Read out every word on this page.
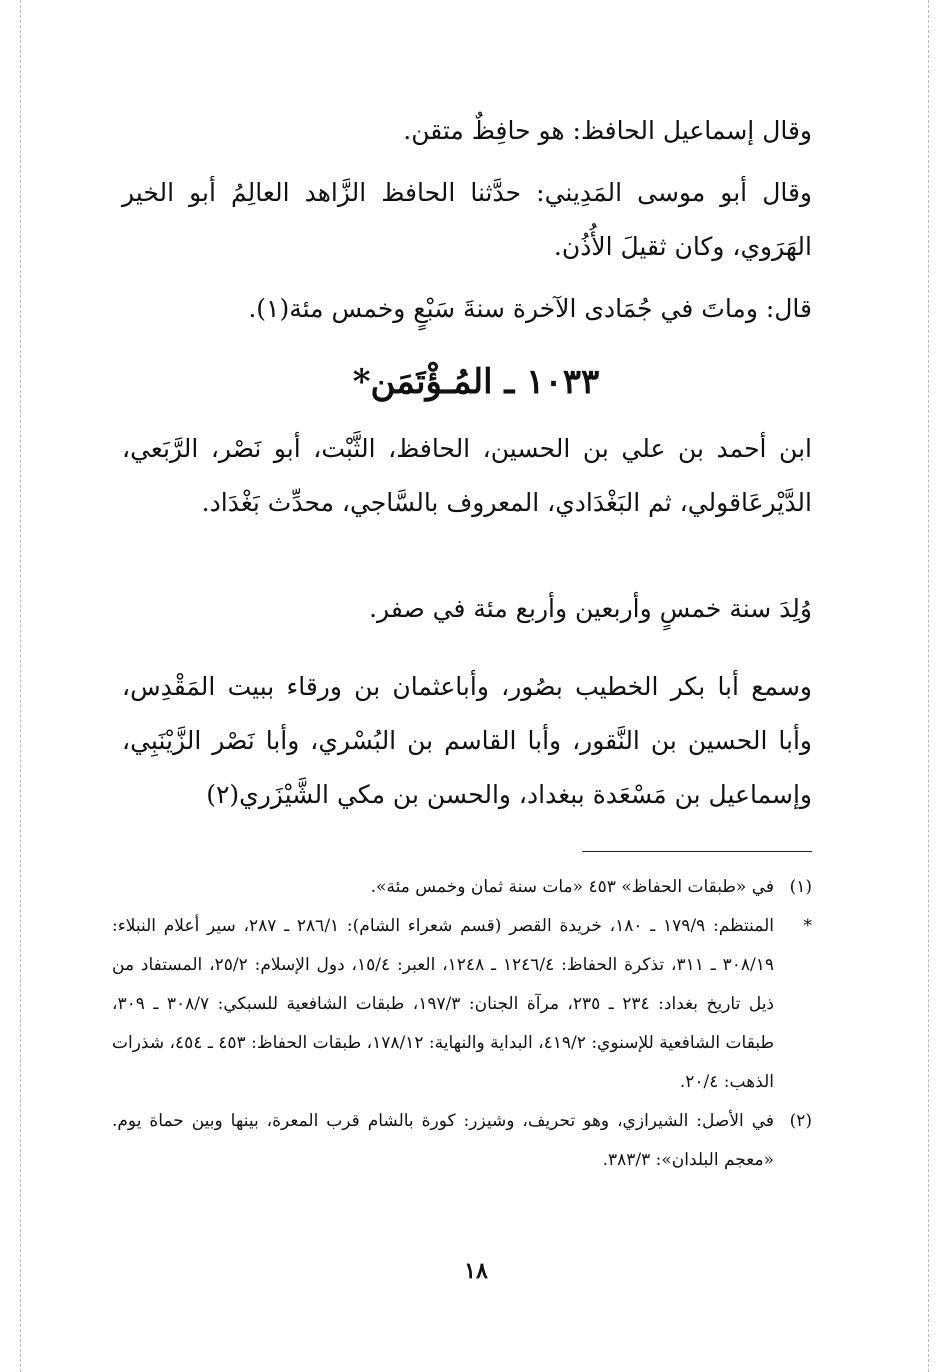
وقال إسماعيل الحافظ: هو حافِظٌ متقن.
وقال أبو موسى المَدِيني: حدَّثنا الحافظ الزَّاهد العالِمُ أبو الخير الهَرَوي، وكان ثقيلَ الأُذُن.
قال: وماتَ في جُمَادى الآخرة سنةَ سَبْعٍ وخمس مئة(١).
١٠٣٣ ـ المُـؤْتَمَن*
ابن أحمد بن علي بن الحسين، الحافظ، الثَّبْت، أبو نَصْر، الرَّبَعي، الدَّيْرعَاقولي، ثم البَغْدَادي، المعروف بالسَّاجي، محدِّث بَغْدَاد.
وُلِدَ سنة خمسٍ وأربعين وأربع مئة في صفر.
وسمع أبا بكر الخطيب بصُور، وأباعثمان بن ورقاء ببيت المَقْدِس، وأبا الحسين بن النَّقور، وأبا القاسم بن البُسْري، وأبا نَصْر الزَّيْنَبِي، وإسماعيل بن مَسْعَدة ببغداد، والحسن بن مكي الشَّيْزَري(٢)
(١)
في «طبقات الحفاظ» ٤٥٣ «مات سنة ثمان وخمس مئة».
*
المنتظم: ١٧٩/٩ ـ ١٨٠، خريدة القصر (قسم شعراء الشام): ٢٨٦/١ ـ ٢٨٧، سير أعلام النبلاء: ٣٠٨/١٩ ـ ٣١١، تذكرة الحفاظ: ١٢٤٦/٤ ـ ١٢٤٨، العبر: ١٥/٤، دول الإسلام: ٢٥/٢، المستفاد من ذيل تاريخ بغداد: ٢٣٤ ـ ٢٣٥، مرآة الجنان: ١٩٧/٣، طبقات الشافعية للسبكي: ٣٠٨/٧ ـ ٣٠٩، طبقات الشافعية للإسنوي: ٤١٩/٢، البداية والنهاية: ١٧٨/١٢، طبقات الحفاظ: ٤٥٣ ـ ٤٥٤، شذرات الذهب: ٢٠/٤.
(٢)
في الأصل: الشيرازي، وهو تحريف، وشيزر: كورة بالشام قرب المعرة، بينها وبين حماة يوم. «معجم البلدان»: ٣٨٣/٣.
١٨
